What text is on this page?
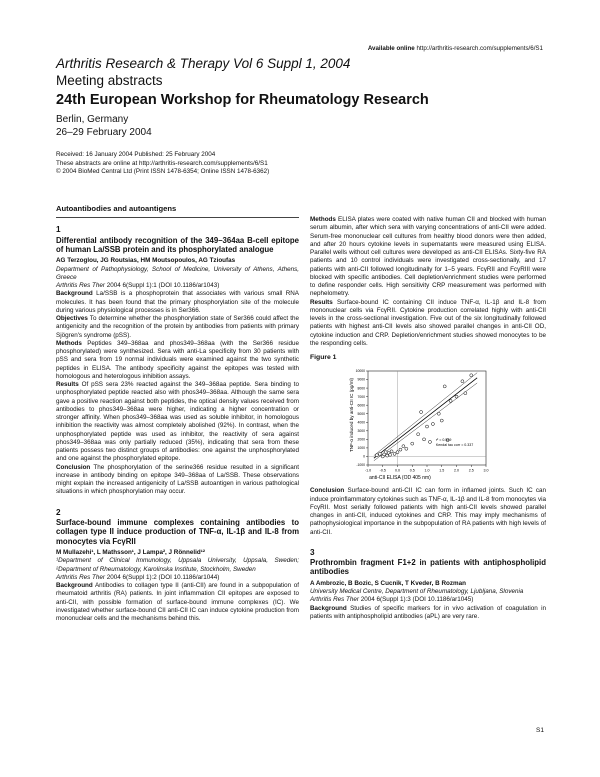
Available online http://arthritis-research.com/supplements/6/S1
Arthritis Research & Therapy Vol 6 Suppl 1, 2004
Meeting abstracts
24th European Workshop for Rheumatology Research
Berlin, Germany
26–29 February 2004
Received: 16 January 2004 Published: 25 February 2004
These abstracts are online at http://arthritis-research.com/supplements/6/S1
© 2004 BioMed Central Ltd (Print ISSN 1478-6354; Online ISSN 1478-6362)
Autoantibodies and autoantigens
1
Differential antibody recognition of the 349–364aa B-cell epitope of human La/SSB protein and its phosphorylated analogue

AG Terzoglou, JG Routsias, HM Moutsopoulos, AG Tzioufas

Department of Pathophysiology, School of Medicine, University of Athens, Athens, Greece

Arthritis Res Ther 2004 6(Suppl 1):1 (DOI 10.1186/ar1043)

Background La/SSB is a phosphoprotein that associates with various small RNA molecules. It has been found that the primary phosphorylation site of the molecule during various physiological processes is in Ser366.

Objectives To determine whether the phosphorylation state of Ser366 could affect the antigenicity and the recognition of the protein by antibodies from patients with primary Sjögren's syndrome (pSS).

Methods Peptides 349–368aa and phos349–368aa (with the Ser366 residue phosphorylated) were synthesized. Sera with anti-La specificity from 30 patients with pSS and sera from 19 normal individuals were examined against the two synthetic peptides in ELISA. The antibody specificity against the epitopes was tested with homologous and heterologous inhibition assays.

Results Of pSS sera 23% reacted against the 349–368aa peptide. Sera binding to unphosphorylated peptide reacted also with phos349–368aa. Although the same sera gave a positive reaction against both peptides, the optical density values received from antibodies to phos349–368aa were higher, indicating a higher concentration or stronger affinity. When phos349–368aa was used as soluble inhibitor, in homologous inhibition the reactivity was almost completely abolished (92%). In contrast, when the unphosphorylated peptide was used as inhibitor, the reactivity of sera against phos349–368aa was only partially reduced (35%), indicating that sera from these patients possess two distinct groups of antibodies: one against the unphosphorylated and one against the phosphorylated epitope.

Conclusion The phosphorylation of the serine366 residue resulted in a significant increase in antibody binding on epitope 349–368aa of La/SSB. These observations might explain the increased antigenicity of La/SSB autoantigen in various pathological situations in which phosphorylation may occur.

2
Surface-bound immune complexes containing antibodies to collagen type II induce production of TNF-α, IL-1β and IL-8 from monocytes via FcγRII

M Mullazehi¹, L Mathsson¹, J Lampa², J Rönnelid¹²

¹Department of Clinical Immunology, Uppsala University, Uppsala, Sweden; ²Department of Rheumatology, Karolinska Institute, Stockholm, Sweden

Arthritis Res Ther 2004 6(Suppl 1):2 (DOI 10.1186/ar1044)

Background Antibodies to collagen type II (anti-CII) are found in a subpopulation of rheumatoid arthritis (RA) patients. In joint inflammation CII epitopes are exposed to anti-CII, with possible formation of surface-bound immune complexes (IC). We investigated whether surface-bound CII anti-CII IC can induce cytokine production from mononuclear cells and the mechanisms behind this.

Methods ELISA plates were coated with native human CII and blocked with human serum albumin, after which sera with varying concentrations of anti-CII were added. Serum-free mononuclear cell cultures from healthy blood donors were then added, and after 20 hours cytokine levels in supernatants were measured using ELISA. Parallel wells without cell cultures were developed as anti-CII ELISAs. Sixty-five RA patients and 10 control individuals were investigated cross-sectionally, and 17 patients with anti-CII followed longitudinally for 1–5 years. FcγRII and FcγRIII were blocked with specific antibodies. Cell depletion/enrichment studies were performed to define responder cells. High sensitivity CRP measurement was performed with nephelometry.

Results Surface-bound IC containing CII induce TNF-α, IL-1β and IL-8 from mononuclear cells via FcγRII. Cytokine production correlated highly with anti-CII levels in the cross-sectional investigation. Five out of the six longitudinally followed patients with highest anti-CII levels also showed parallel changes in anti-CII OD, cytokine induction and CRP. Depletion/enrichment studies showed monocytes to be the responding cells.

Figure 1
TNF-α induced by anti-CII IC (pg/ml)
anti-CII ELISA (OD 405 nm)
-1.0 -0.5	0.0	0.5	1.0	1.5	2.0	2.5	3.0
-1000
0
1000
2000
3000
4000
5000
6000
7000
8000
9000
10000
r² = 0.549
Kendal tau corr = 0.337

Conclusion Surface-bound anti-CII IC can form in inflamed joints. Such IC can induce proinflammatory cytokines such as TNF-α, IL-1β and IL-8 from monocytes via FcγRII. Most serially followed patients with high anti-CII levels showed parallel changes in anti-CII, induced cytokines and CRP. This may imply mechanisms of pathophysiological importance in the subpopulation of RA patients with high levels of anti-CII.

3
Prothrombin fragment F1+2 in patients with antiphospholipid antibodies

A Ambrozic, B Bozic, S Cucnik, T Kveder, B Rozman

University Medical Centre, Department of Rheumatology, Ljubljana, Slovenia

Arthritis Res Ther 2004 6(Suppl 1):3 (DOI 10.1186/ar1045)

Background Studies of specific markers for in vivo activation of coagulation in patients with antiphospholipid antibodies (aPL) are very rare.

S1
